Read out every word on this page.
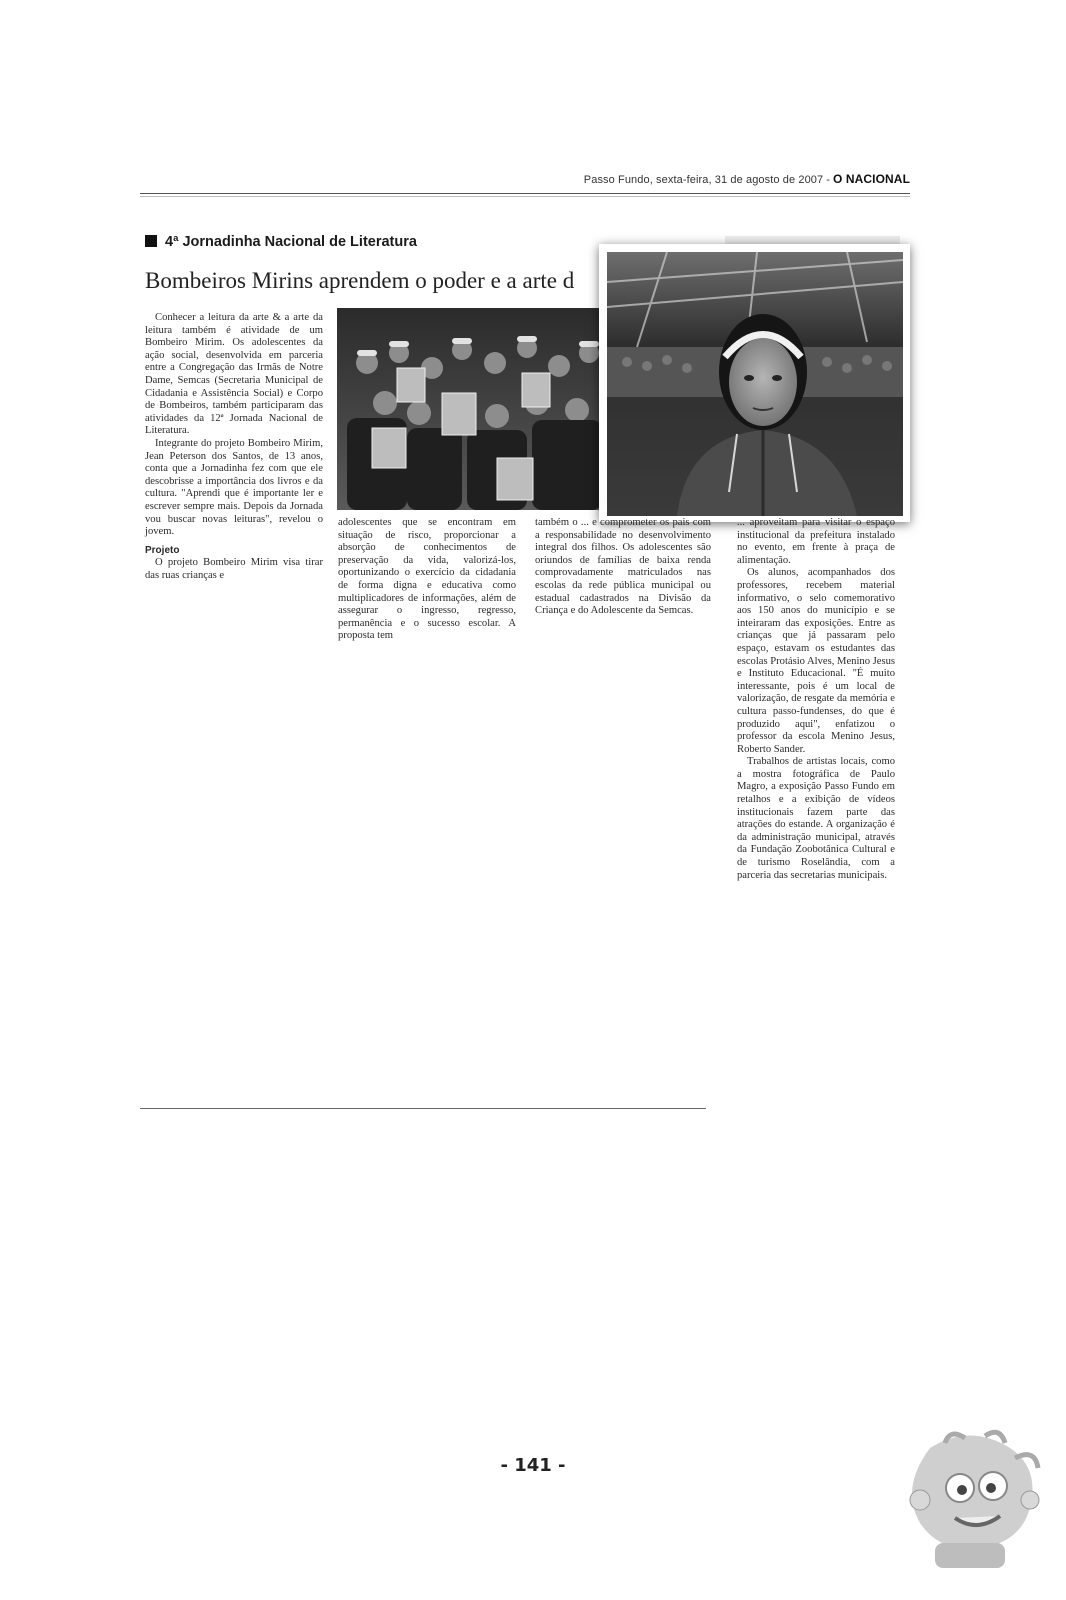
Passo Fundo, sexta-feira, 31 de agosto de 2007 - O NACIONAL
4ª Jornadinha Nacional de Literatura
Bombeiros Mirins aprendem o poder e a arte d

Conhecer a leitura da arte & a arte da leitura também é atividade de um Bombeiro Mirim. Os adolescentes da ação social, desenvolvida em parceria entre a Congregação das Irmãs de Notre Dame, Semcas (Secretaria Municipal de Cidadania e Assistência Social) e Corpo de Bombeiros, também participaram das atividades da 12ª Jornada Nacional de Literatura.

Integrante do projeto Bombeiro Mirim, Jean Peterson dos Santos, de 13 anos, conta que a Jornadinha fez com que ele descobrisse a importância dos livros e da cultura. "Aprendi que é importante ler e escrever sempre mais. Depois da Jornada vou buscar novas leituras", revelou o jovem.

Projeto

O projeto Bombeiro Mirim visa tirar das ruas crianças e

adolescentes que se encontram em situação de risco, proporcionar a absorção de conhecimentos de preservação da vida, valorizá-los, oportunizando o exercício da cidadania de forma digna e educativa como multiplicadores de informações, além de assegurar o ingresso, regresso, permanência e o sucesso escolar. A proposta tem

também o ... e comprometer os pais com a responsabilidade no desenvolvimento integral dos filhos. Os adolescentes são oriundos de famílias de baixa renda comprovadamente matriculados nas escolas da rede pública municipal ou estadual cadastrados na Divisão da Criança e do Adolescente da Semcas.

... aproveitam para visitar o espaço institucional da prefeitura instalado no evento, em frente à praça de alimentação.

Os alunos, acompanhados dos professores, recebem material informativo, o selo comemorativo aos 150 anos do município e se inteiraram das exposições. Entre as crianças que já passaram pelo espaço, estavam os estudantes das escolas Protásio Alves, Menino Jesus e Instituto Educacional. "É muito interessante, pois é um local de valorização, de resgate da memória e cultura passo-fundenses, do que é produzido aqui", enfatizou o professor da escola Menino Jesus, Roberto Sander.

Trabalhos de artistas locais, como a mostra fotográfica de Paulo Magro, a exposição Passo Fundo em retalhos e a exibição de vídeos institucionais fazem parte das atrações do estande. A organização é da administração municipal, através da Fundação Zoobotânica Cultural e de turismo Roselândia, com a parceria das secretarias municipais.

- 141 -
